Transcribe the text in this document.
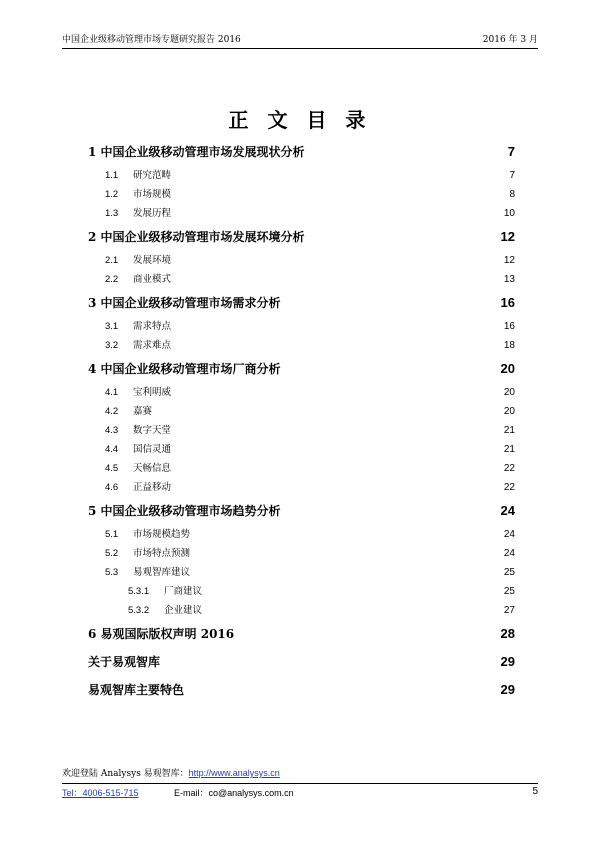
中国企业级移动管理市场专题研究报告 2016	2016 年 3 月
正 文 目 录
1 中国企业级移动管理市场发展现状分析 .....	7
1.1 研究范畴 .....	7
1.2 市场规模 .....	8
1.3 发展历程 .....	10
2 中国企业级移动管理市场发展环境分析 .....	12
2.1 发展环境 .....	12
2.2 商业模式 .....	13
3 中国企业级移动管理市场需求分析 .....	16
3.1 需求特点 .....	16
3.2 需求难点 .....	18
4 中国企业级移动管理市场厂商分析 .....	20
4.1 宝利明威 .....	20
4.2 嘉赛 .....	20
4.3 数字天堂 .....	21
4.4 国信灵通 .....	21
4.5 天畅信息 .....	22
4.6 正益移动 .....	22
5 中国企业级移动管理市场趋势分析 .....	24
5.1 市场规模趋势 .....	24
5.2 市场特点预测 .....	24
5.3 易观智库建议 .....	25
5.3.1 厂商建议 .....	25
5.3.2 企业建议 .....	27
6 易观国际版权声明 2016 .....	28
关于易观智库 .....	29
易观智库主要特色 .....	29
欢迎登陆 Analysys 易观智库：http://www.analysys.cn
Tel：4006-515-715	E-mail：co@analysys.com.cn	5
